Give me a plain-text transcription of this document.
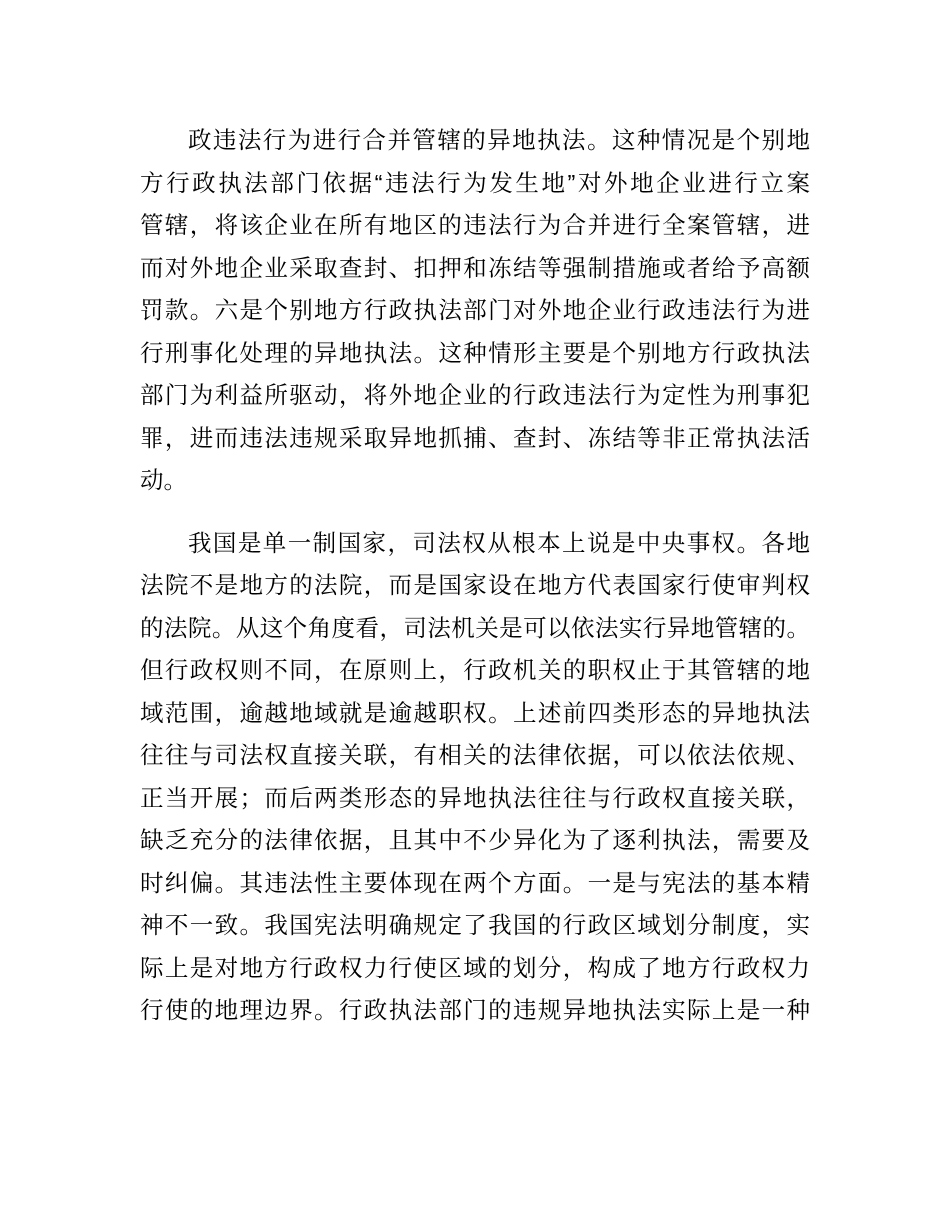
政违法行为进行合并管辖的异地执法。这种情况是个别地
方行政执法部门依据“违法行为发生地”对外地企业进行立案
管辖，将该企业在所有地区的违法行为合并进行全案管辖，进
而对外地企业采取查封、扣押和冻结等强制措施或者给予高额
罚款。六是个别地方行政执法部门对外地企业行政违法行为进
行刑事化处理的异地执法。这种情形主要是个别地方行政执法
部门为利益所驱动，将外地企业的行政违法行为定性为刑事犯
罪，进而违法违规采取异地抓捕、查封、冻结等非正常执法活
动。
我国是单一制国家，司法权从根本上说是中央事权。各地
法院不是地方的法院，而是国家设在地方代表国家行使审判权
的法院。从这个角度看，司法机关是可以依法实行异地管辖的。
但行政权则不同，在原则上，行政机关的职权止于其管辖的地
域范围，逾越地域就是逾越职权。上述前四类形态的异地执法
往往与司法权直接关联，有相关的法律依据，可以依法依规、
正当开展；而后两类形态的异地执法往往与行政权直接关联，
缺乏充分的法律依据，且其中不少异化为了逐利执法，需要及
时纠偏。其违法性主要体现在两个方面。一是与宪法的基本精
神不一致。我国宪法明确规定了我国的行政区域划分制度，实
际上是对地方行政权力行使区域的划分，构成了地方行政权力
行使的地理边界。行政执法部门的违规异地执法实际上是一种
